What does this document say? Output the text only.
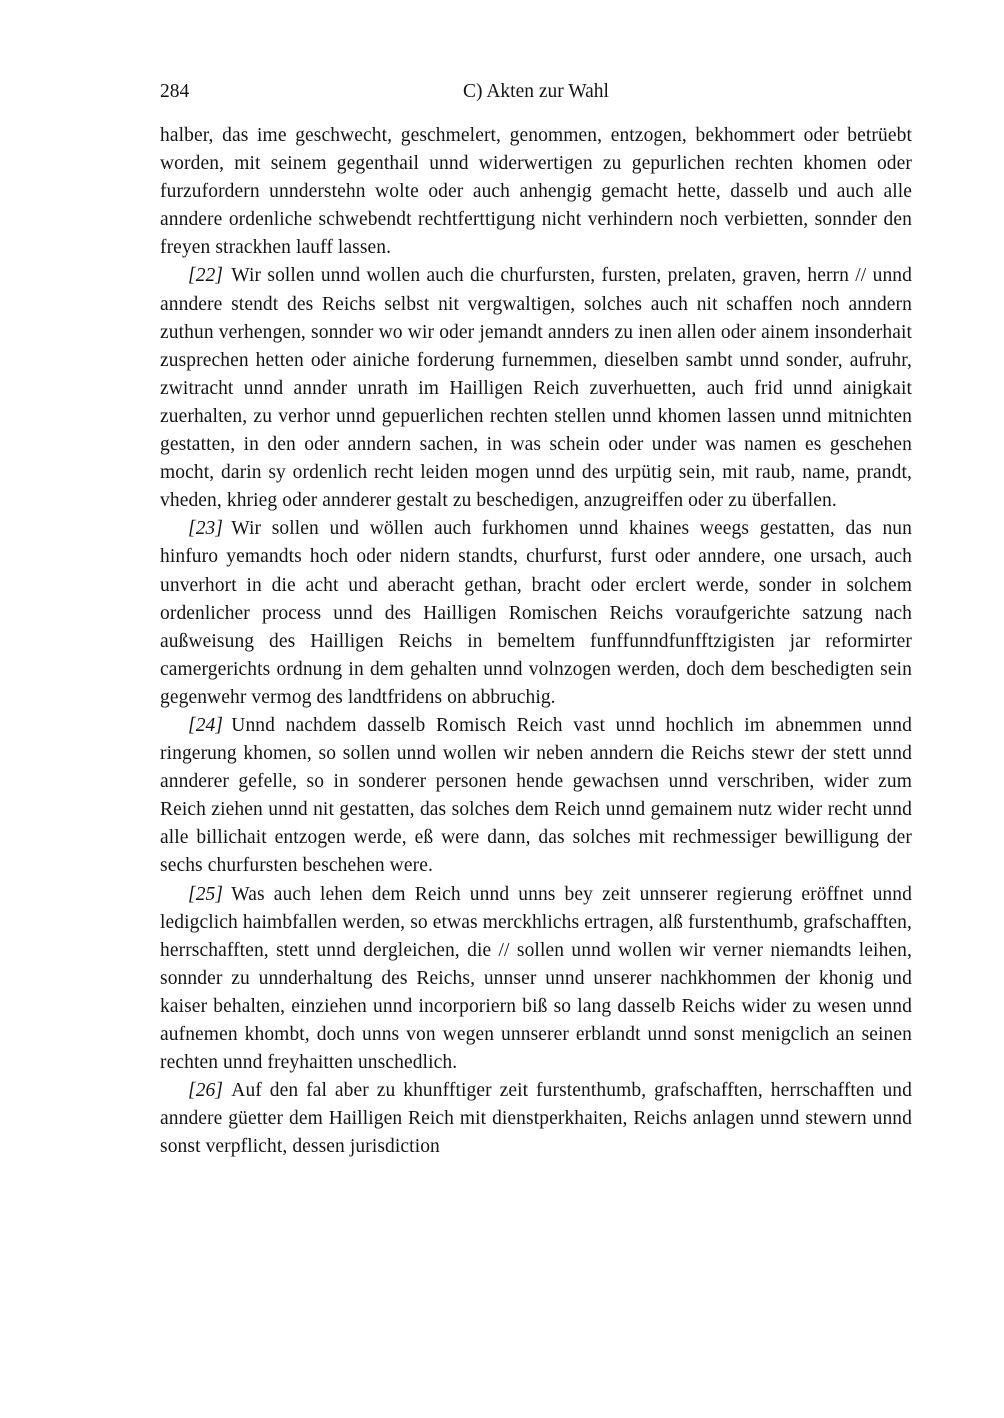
284	C) Akten zur Wahl

halber, das ime geschwecht, geschmelert, genommen, entzogen, bekhommert oder betrüebt worden, mit seinem gegenthail unnd widerwertigen zu gepurlichen rechten khomen oder furzufordern unnderstehn wolte oder auch anhengig gemacht hette, dasselb und auch alle anndere ordenliche schwebendt rechtferttigung nicht verhindern noch verbietten, sonnder den freyen strackhen lauff lassen.

[22] Wir sollen unnd wollen auch die churfursten, fursten, prelaten, graven, herrn // unnd anndere stendt des Reichs selbst nit vergwaltigen, solches auch nit schaffen noch anndern zuthun verhengen, sonnder wo wir oder jemandt annders zu inen allen oder ainem insonderhait zusprechen hetten oder ainiche forderung furnemmen, dieselben sambt unnd sonder, aufruhr, zwitracht unnd annder unrath im Hailligen Reich zuverhuetten, auch frid unnd ainigkait zuerhalten, zu verhor unnd gepuerlichen rechten stellen unnd khomen lassen unnd mitnichten gestatten, in den oder anndern sachen, in was schein oder under was namen es geschehen mocht, darin sy ordenlich recht leiden mogen unnd des urpütig sein, mit raub, name, prandt, vheden, khrieg oder annderer gestalt zu beschedigen, anzugreiffen oder zu überfallen.

[23] Wir sollen und wöllen auch furkhomen unnd khaines weegs gestatten, das nun hinfuro yemandts hoch oder nidern standts, churfurst, furst oder anndere, one ursach, auch unverhort in die acht und aberacht gethan, bracht oder erclert werde, sonder in solchem ordenlicher process unnd des Hailligen Romischen Reichs voraufgerichte satzung nach außweisung des Hailligen Reichs in bemeltem funffunndfunfftzigisten jar reformirter camergerichts ordnung in dem gehalten unnd volnzogen werden, doch dem beschedigten sein gegenwehr vermog des landtfridens on abbruchig.

[24] Unnd nachdem dasselb Romisch Reich vast unnd hochlich im abnemmen unnd ringerung khomen, so sollen unnd wollen wir neben anndern die Reichs stewr der stett unnd annderer gefelle, so in sonderer personen hende gewachsen unnd verschriben, wider zum Reich ziehen unnd nit gestatten, das solches dem Reich unnd gemainem nutz wider recht unnd alle billichait entzogen werde, eß were dann, das solches mit rechmessiger bewilligung der sechs churfursten beschehen were.

[25] Was auch lehen dem Reich unnd unns bey zeit unnserer regierung eröffnet unnd ledigclich haimbfallen werden, so etwas merckhlichs ertragen, alß furstenthumb, grafschafften, herrschafften, stett unnd dergleichen, die // sollen unnd wollen wir verner niemandts leihen, sonnder zu unnderhaltung des Reichs, unnser unnd unserer nachkhommen der khonig und kaiser behalten, einziehen unnd incorporiern biß so lang dasselb Reichs wider zu wesen unnd aufnemen khombt, doch unns von wegen unnserer erblandt unnd sonst menigclich an seinen rechten unnd freyhaitten unschedlich.

[26] Auf den fal aber zu khunfftiger zeit furstenthumb, grafschafften, herrschafften und anndere güetter dem Hailligen Reich mit dienstperkhaiten, Reichs anlagen unnd stewern unnd sonst verpflicht, dessen jurisdiction
